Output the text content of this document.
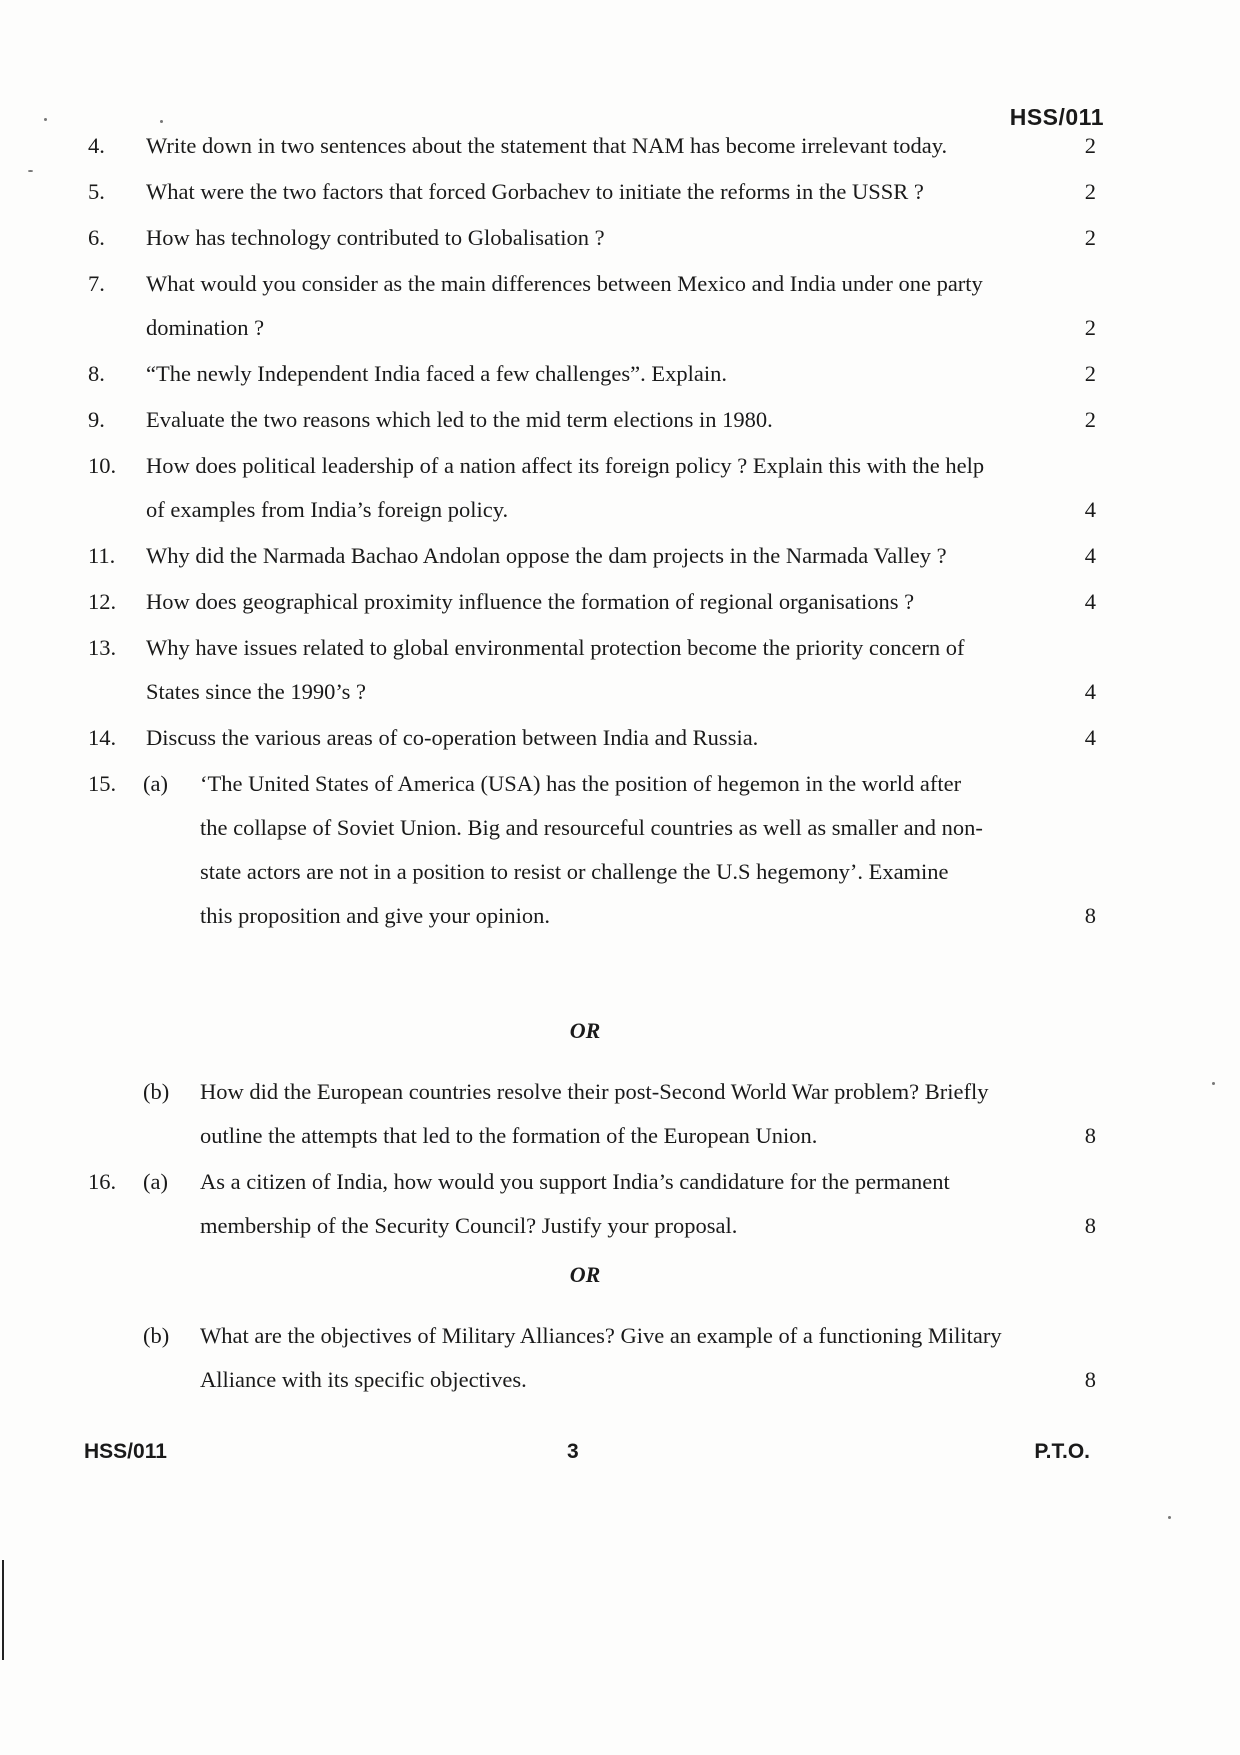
HSS/011
4. Write down in two sentences about the statement that NAM has become irrelevant today.	2
5. What were the two factors that forced Gorbachev to initiate the reforms in the USSR ?	2
6. How has technology contributed to Globalisation ?	2
7. What would you consider as the main differences between Mexico and India under one party
domination ?	2
8. “The newly Independent India faced a few challenges”. Explain.	2
9. Evaluate the two reasons which led to the mid term elections in 1980.	2
10. How does political leadership of a nation affect its foreign policy ? Explain this with the help
of examples from India’s foreign policy.	4
11. Why did the Narmada Bachao Andolan oppose the dam projects in the Narmada Valley ?	4
12. How does geographical proximity influence the formation of regional organisations ?	4
13. Why have issues related to global environmental protection become the priority concern of
States since the 1990’s ?	4
14. Discuss the various areas of co-operation between India and Russia.	4
15. (a) ‘The United States of America (USA) has the position of hegemon in the world after
the collapse of Soviet Union. Big and resourceful countries as well as smaller and non-
state actors are not in a position to resist or challenge the U.S hegemony’. Examine
this proposition and give your opinion.	8
OR
(b) How did the European countries resolve their post-Second World War problem? Briefly
outline the attempts that led to the formation of the European Union.	8
16. (a) As a citizen of India, how would you support India’s candidature for the permanent
membership of the Security Council? Justify your proposal.	8
OR
(b) What are the objectives of Military Alliances? Give an example of a functioning Military
Alliance with its specific objectives.	8
HSS/011	3	P.T.O.
